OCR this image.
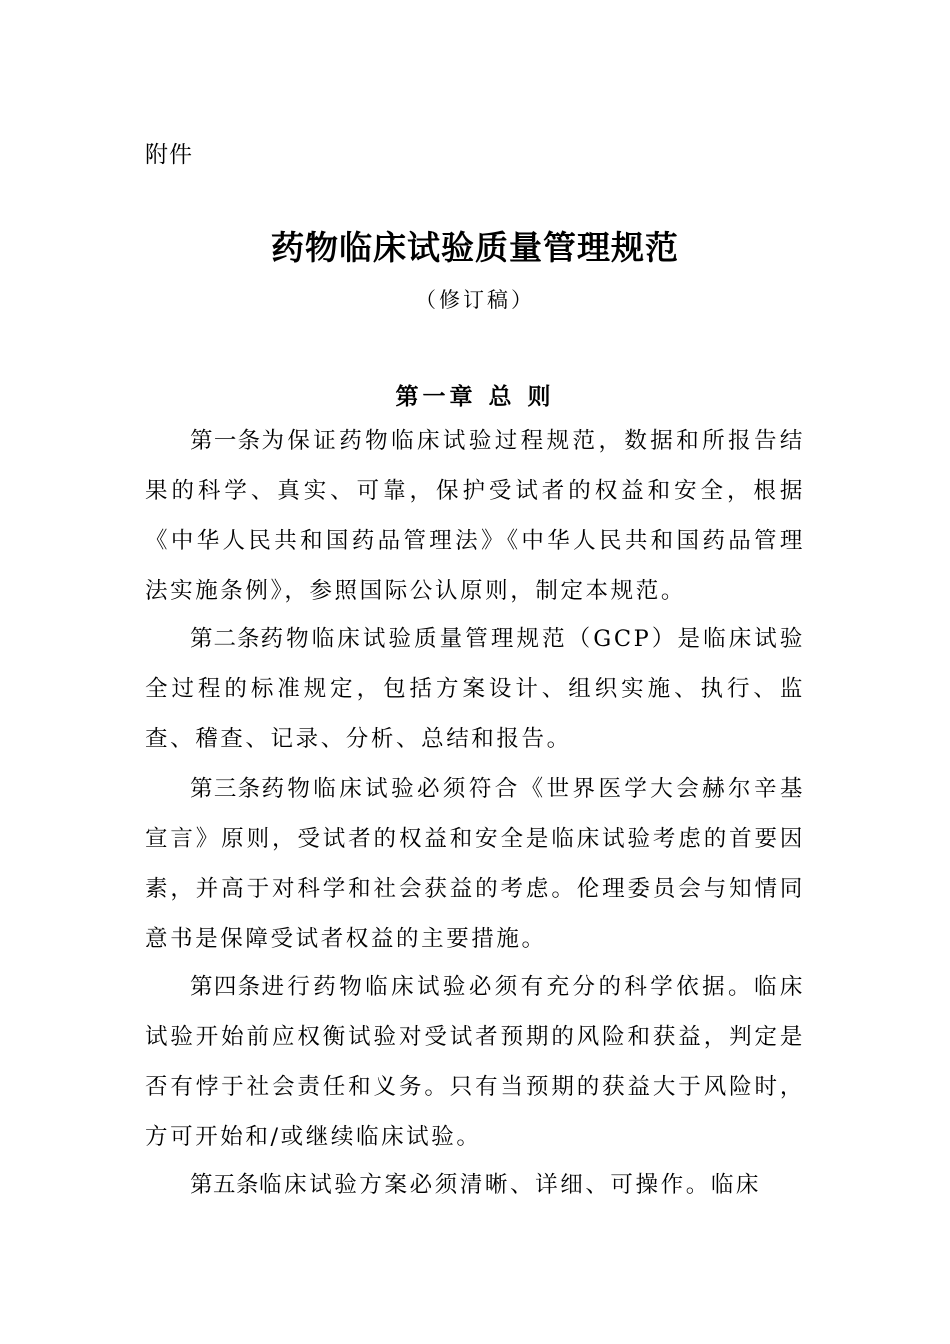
附件
药物临床试验质量管理规范
（修订稿）
第一章 总 则

第一条为保证药物临床试验过程规范，数据和所报告结果的科学、真实、可靠，保护受试者的权益和安全，根据《中华人民共和国药品管理法》《中华人民共和国药品管理法实施条例》，参照国际公认原则，制定本规范。

第二条药物临床试验质量管理规范（GCP）是临床试验全过程的标准规定，包括方案设计、组织实施、执行、监查、稽查、记录、分析、总结和报告。

第三条药物临床试验必须符合《世界医学大会赫尔辛基宣言》原则，受试者的权益和安全是临床试验考虑的首要因素，并高于对科学和社会获益的考虑。伦理委员会与知情同意书是保障受试者权益的主要措施。

第四条进行药物临床试验必须有充分的科学依据。临床试验开始前应权衡试验对受试者预期的风险和获益，判定是否有悖于社会责任和义务。只有当预期的获益大于风险时，方可开始和/或继续临床试验。

第五条临床试验方案必须清晰、详细、可操作。临床
